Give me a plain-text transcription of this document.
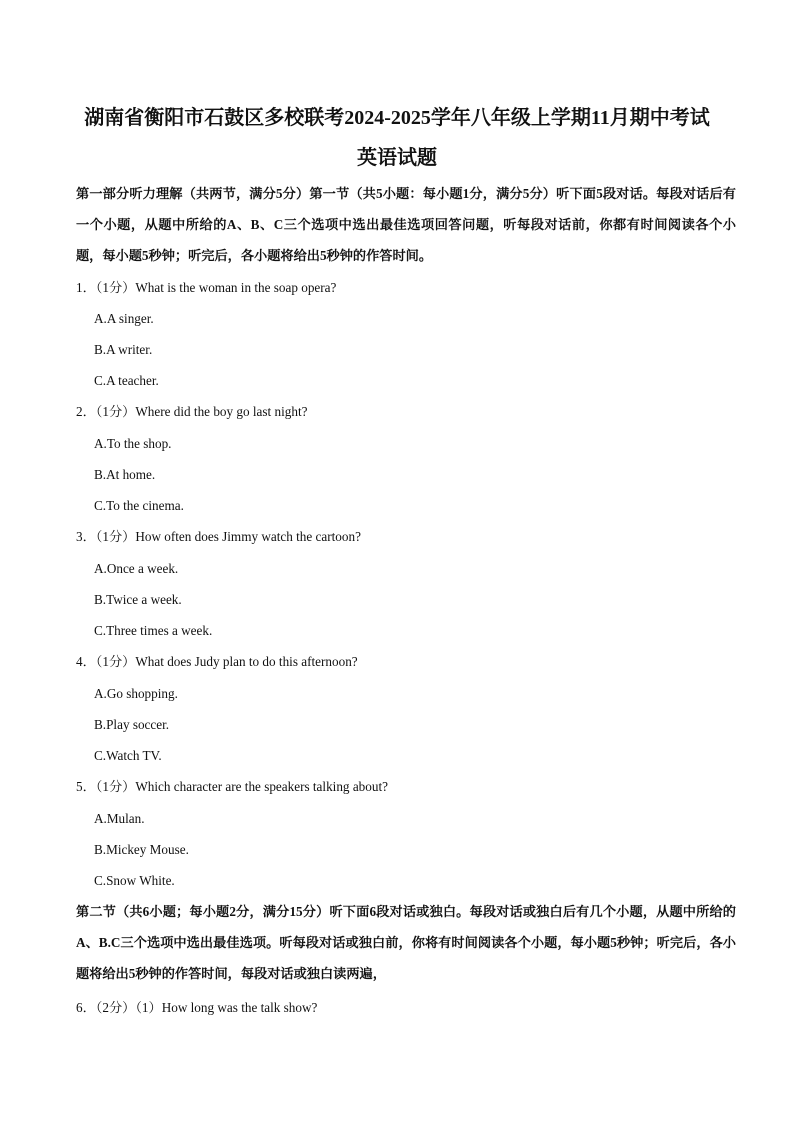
湖南省衡阳市石鼓区多校联考2024-2025学年八年级上学期11月期中考试
英语试题
第一部分听力理解（共两节，满分5分）第一节（共5小题：每小题1分，满分5分）听下面5段对话。每段对话后有一个小题，从题中所给的A、B、C三个选项中选出最佳选项回答问题，听每段对话前，你都有时间阅读各个小题，每小题5秒钟；听完后，各小题将给出5秒钟的作答时间。
1．（1分）What is the woman in the soap opera?
A.A singer.
B.A writer.
C.A teacher.
2．（1分）Where did the boy go last night?
A.To the shop.
B.At home.
C.To the cinema.
3．（1分）How often does Jimmy watch the cartoon?
A.Once a week.
B.Twice a week.
C.Three times a week.
4．（1分）What does Judy plan to do this afternoon?
A.Go shopping.
B.Play soccer.
C.Watch TV.
5．（1分）Which character are the speakers talking about?
A.Mulan.
B.Mickey Mouse.
C.Snow White.
第二节（共6小题；每小题2分，满分15分）听下面6段对话或独白。每段对话或独白后有几个小题，从题中所给的A、B.C三个选项中选出最佳选项。听每段对话或独白前，你将有时间阅读各个小题，每小题5秒钟；听完后，各小题将给出5秒钟的作答时间，每段对话或独白读两遍，
6．（2分）（1）How long was the talk show?
